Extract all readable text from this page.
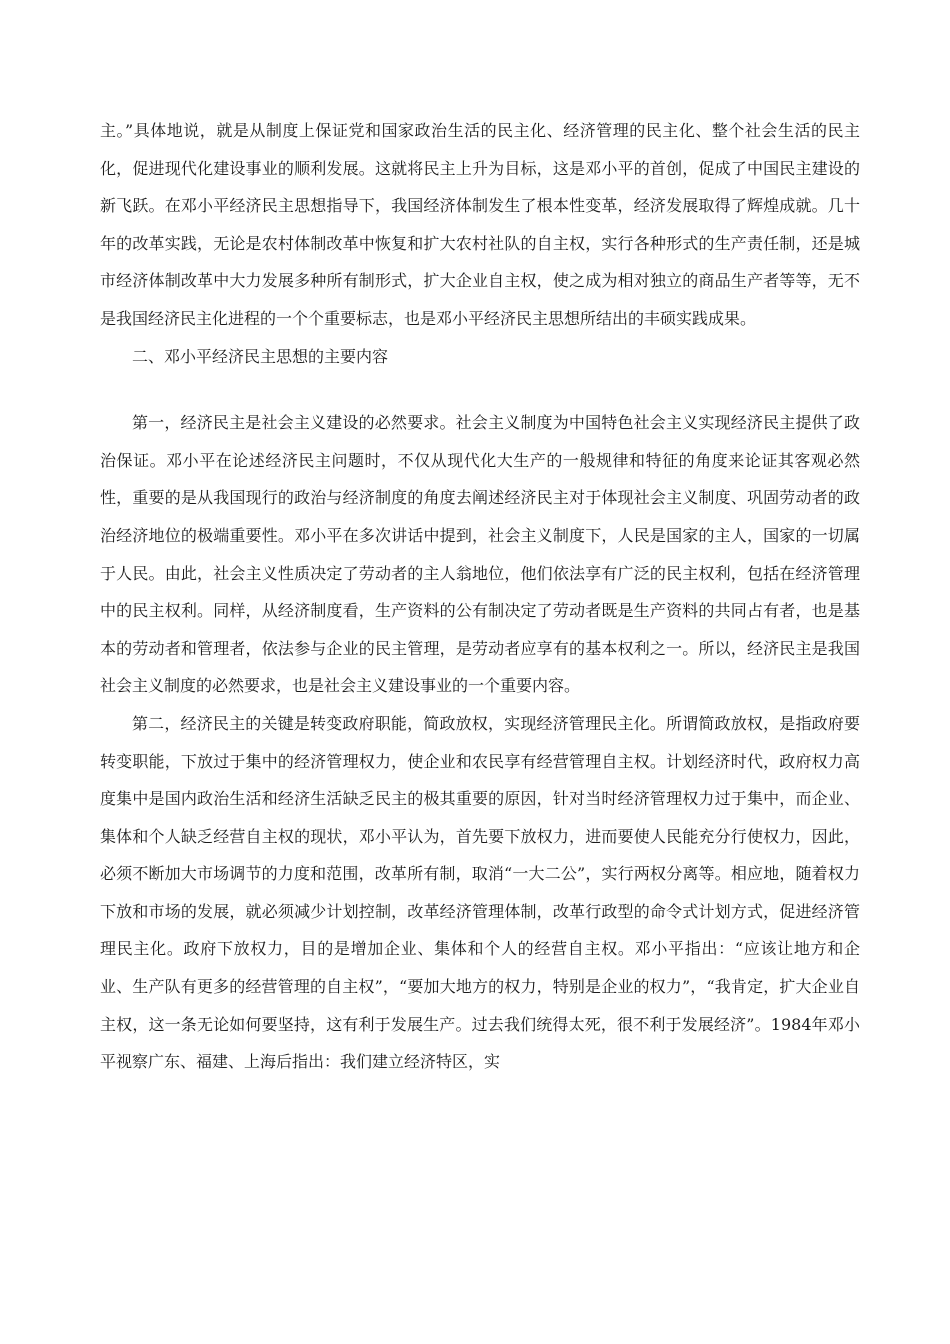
主。”具体地说，就是从制度上保证党和国家政治生活的民主化、经济管理的民主化、整个社会生活的民主化，促进现代化建设事业的顺利发展。这就将民主上升为目标，这是邓小平的首创，促成了中国民主建设的新飞跃。在邓小平经济民主思想指导下，我国经济体制发生了根本性变革，经济发展取得了辉煌成就。几十年的改革实践，无论是农村体制改革中恢复和扩大农村社队的自主权，实行各种形式的生产责任制，还是城市经济体制改革中大力发展多种所有制形式，扩大企业自主权，使之成为相对独立的商品生产者等等，无不是我国经济民主化进程的一个个重要标志，也是邓小平经济民主思想所结出的丰硕实践成果。

二、邓小平经济民主思想的主要内容

第一，经济民主是社会主义建设的必然要求。社会主义制度为中国特色社会主义实现经济民主提供了政治保证。邓小平在论述经济民主问题时，不仅从现代化大生产的一般规律和特征的角度来论证其客观必然性，重要的是从我国现行的政治与经济制度的角度去阐述经济民主对于体现社会主义制度、巩固劳动者的政治经济地位的极端重要性。邓小平在多次讲话中提到，社会主义制度下，人民是国家的主人，国家的一切属于人民。由此，社会主义性质决定了劳动者的主人翁地位，他们依法享有广泛的民主权利，包括在经济管理中的民主权利。同样，从经济制度看，生产资料的公有制决定了劳动者既是生产资料的共同占有者，也是基本的劳动者和管理者，依法参与企业的民主管理，是劳动者应享有的基本权利之一。所以，经济民主是我国社会主义制度的必然要求，也是社会主义建设事业的一个重要内容。

第二，经济民主的关键是转变政府职能，简政放权，实现经济管理民主化。所谓简政放权，是指政府要转变职能，下放过于集中的经济管理权力，使企业和农民享有经营管理自主权。计划经济时代，政府权力高度集中是国内政治生活和经济生活缺乏民主的极其重要的原因，针对当时经济管理权力过于集中，而企业、集体和个人缺乏经营自主权的现状，邓小平认为，首先要下放权力，进而要使人民能充分行使权力，因此，必须不断加大市场调节的力度和范围，改革所有制，取消“一大二公”，实行两权分离等。相应地，随着权力下放和市场的发展，就必须减少计划控制，改革经济管理体制，改革行政型的命令式计划方式，促进经济管理民主化。政府下放权力，目的是增加企业、集体和个人的经营自主权。邓小平指出：“应该让地方和企业、生产队有更多的经营管理的自主权”，“要加大地方的权力，特别是企业的权力”，“我肯定，扩大企业自主权，这一条无论如何要坚持，这有利于发展生产。过去我们统得太死，很不利于发展经济”。1984年邓小平视察广东、福建、上海后指出：我们建立经济特区，实
